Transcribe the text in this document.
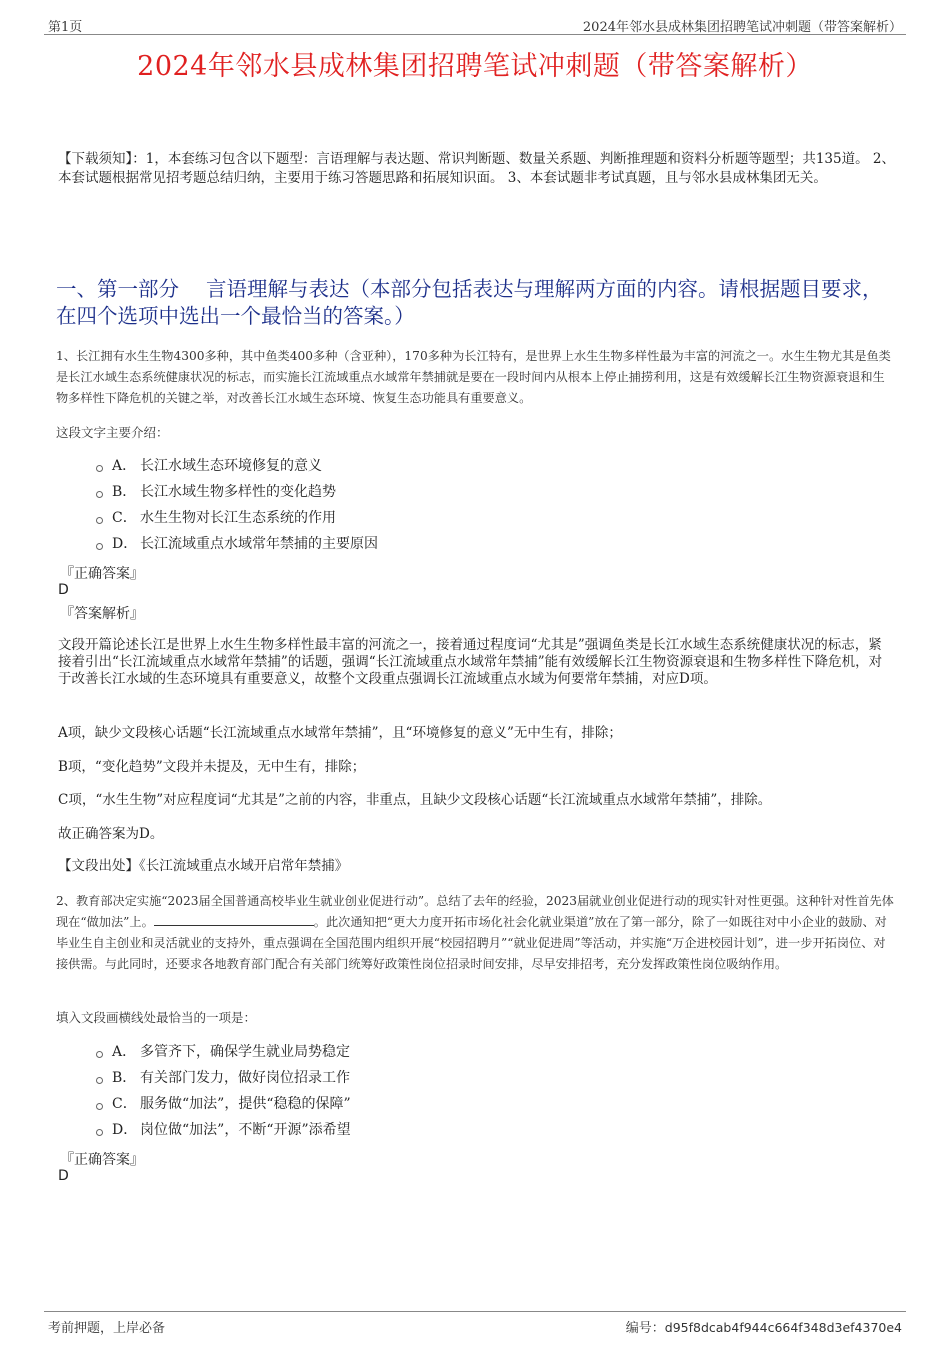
第1页	2024年邻水县成林集团招聘笔试冲刺题（带答案解析）
2024年邻水县成林集团招聘笔试冲刺题（带答案解析）
【下载须知】：1，本套练习包含以下题型：言语理解与表达题、常识判断题、数量关系题、判断推理题和资料分析题等题型；共135道。 2、本套试题根据常见招考题总结归纳，主要用于练习答题思路和拓展知识面。 3、本套试题非考试真题，且与邻水县成林集团无关。
一、第一部分　 言语理解与表达（本部分包括表达与理解两方面的内容。请根据题目要求，在四个选项中选出一个最恰当的答案。）
1、长江拥有水生生物4300多种，其中鱼类400多种（含亚种），170多种为长江特有，是世界上水生生物多样性最为丰富的河流之一。水生生物尤其是鱼类是长江水域生态系统健康状况的标志，而实施长江流域重点水域常年禁捕就是要在一段时间内从根本上停止捕捞利用，这是有效缓解长江生物资源衰退和生物多样性下降危机的关键之举，对改善长江水域生态环境、恢复生态功能具有重要意义。
这段文字主要介绍：
A． 长江水域生态环境修复的意义
B． 长江水域生物多样性的变化趋势
C． 水生生物对长江生态系统的作用
D． 长江流域重点水域常年禁捕的主要原因
『正确答案』
D
『答案解析』
文段开篇论述长江是世界上水生生物多样性最丰富的河流之一，接着通过程度词“尤其是”强调鱼类是长江水域生态系统健康状况的标志，紧接着引出“长江流域重点水域常年禁捕”的话题，强调“长江流域重点水域常年禁捕”能有效缓解长江生物资源衰退和生物多样性下降危机，对于改善长江水域的生态环境具有重要意义，故整个文段重点强调长江流域重点水域为何要常年禁捕，对应D项。
A项，缺少文段核心话题“长江流域重点水域常年禁捕”，且“环境修复的意义”无中生有，排除；
B项，“变化趋势”文段并未提及，无中生有，排除；
C项，“水生生物”对应程度词“尤其是”之前的内容，非重点，且缺少文段核心话题“长江流域重点水域常年禁捕”，排除。
故正确答案为D。
【文段出处】《长江流域重点水域开启常年禁捕》
2、教育部决定实施“2023届全国普通高校毕业生就业创业促进行动”。总结了去年的经验，2023届就业创业促进行动的现实针对性更强。这种针对性首先体现在“做加法”上。	。此次通知把“更大力度开拓市场化社会化就业渠道”放在了第一部分，除了一如既往对中小企业的鼓励、对毕业生自主创业和灵活就业的支持外，重点强调在全国范围内组织开展“校园招聘月”“就业促进周”等活动，并实施“万企进校园计划”，进一步开拓岗位、对接供需。与此同时，还要求各地教育部门配合有关部门统筹好政策性岗位招录时间安排，尽早安排招考，充分发挥政策性岗位吸纳作用。
填入文段画横线处最恰当的一项是：
A． 多管齐下，确保学生就业局势稳定
B． 有关部门发力，做好岗位招录工作
C． 服务做“加法”，提供“稳稳的保障”
D． 岗位做“加法”，不断“开源”添希望
『正确答案』
D
考前押题，上岸必备	编号：d95f8dcab4f944c664f348d3ef4370e4
